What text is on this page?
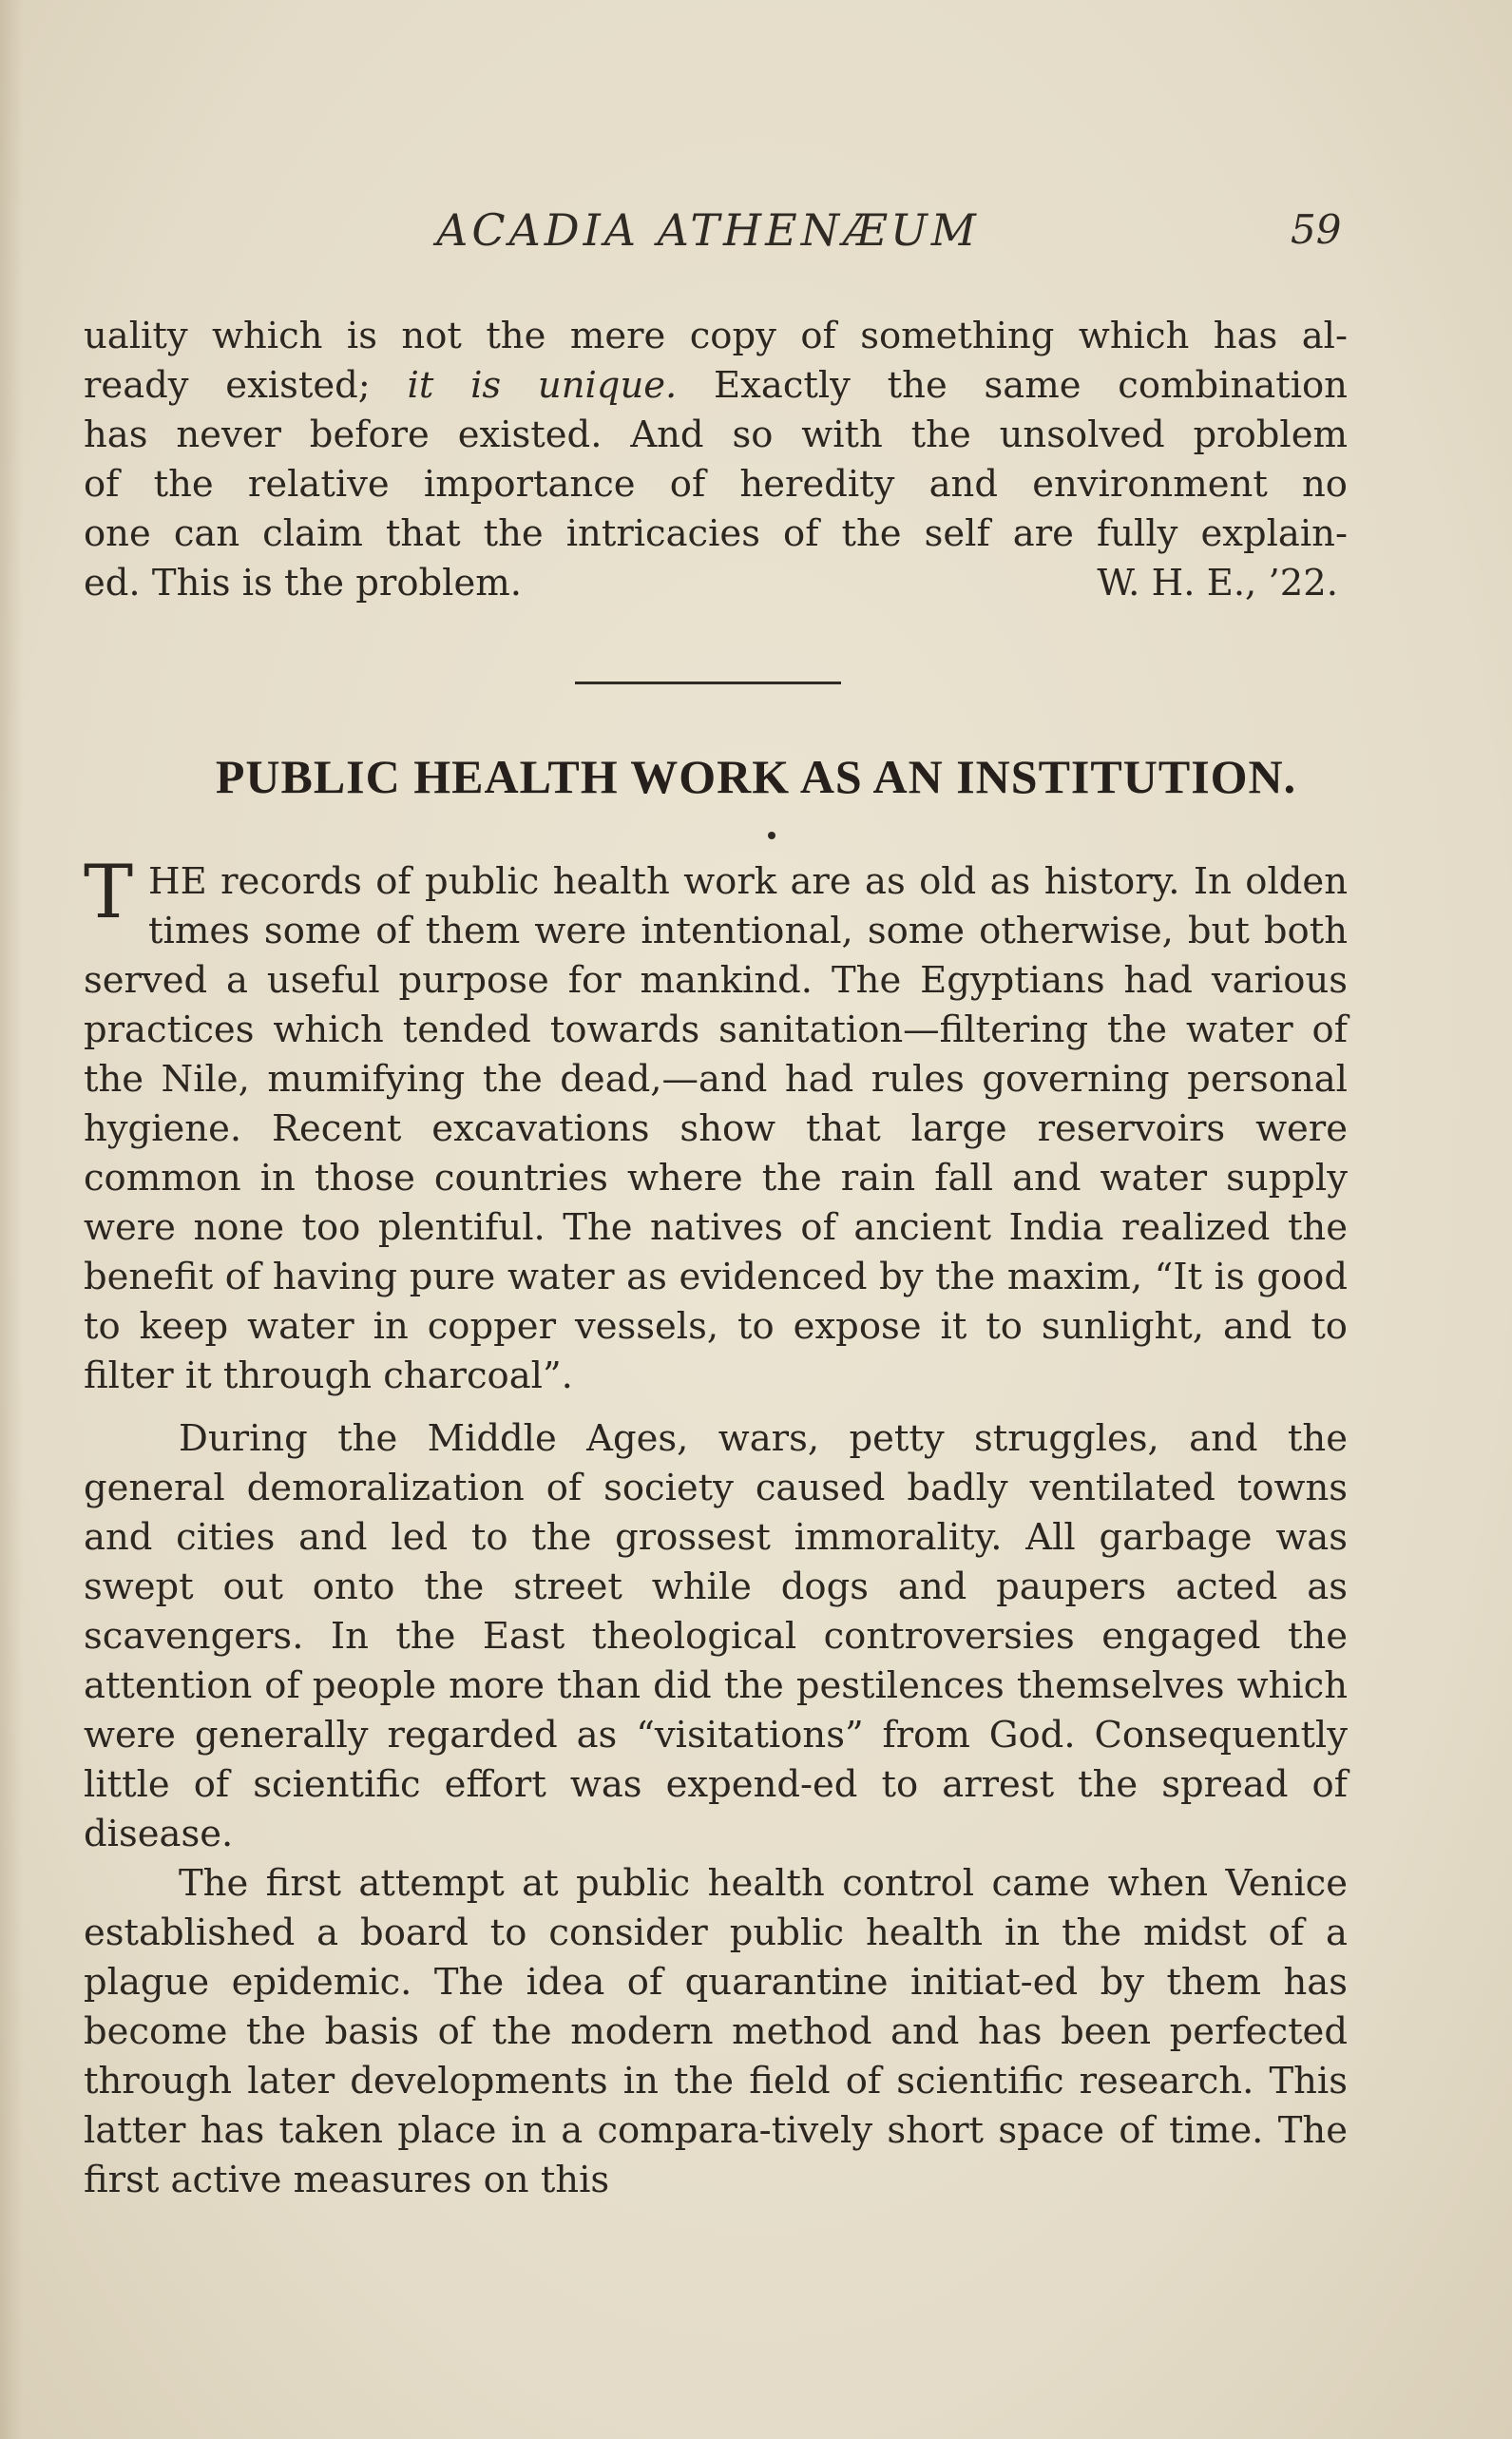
ACADIA ATHENÆUM	59
uality which is not the mere copy of something which has al-
ready existed; it is unique. Exactly the same combination
has never before existed. And so with the unsolved problem
of the relative importance of heredity and environment no
one can claim that the intricacies of the self are fully explain-
ed. This is the problem.	W. H. E., ’22.
PUBLIC HEALTH WORK AS AN INSTITUTION.

THE records of public health work are as old as history. In olden times some of them were intentional, some otherwise, but both served a useful purpose for mankind. The Egyptians had various practices which tended towards sanitation—filtering the water of the Nile, mumifying the dead,—and had rules governing personal hygiene. Recent excavations show that large reservoirs were common in those countries where the rain fall and water supply were none too plentiful. The natives of ancient India realized the benefit of having pure water as evidenced by the maxim, “It is good to keep water in copper vessels, to expose it to sunlight, and to filter it through charcoal”.

During the Middle Ages, wars, petty struggles, and the general demoralization of society caused badly ventilated towns and cities and led to the grossest immorality. All garbage was swept out onto the street while dogs and paupers acted as scavengers. In the East theological controversies engaged the attention of people more than did the pestilences themselves which were generally regarded as “visitations” from God. Consequently little of scientific effort was expend-ed to arrest the spread of disease.

The first attempt at public health control came when Venice established a board to consider public health in the midst of a plague epidemic. The idea of quarantine initiat-ed by them has become the basis of the modern method and has been perfected through later developments in the field of scientific research. This latter has taken place in a compara-tively short space of time. The first active measures on this
